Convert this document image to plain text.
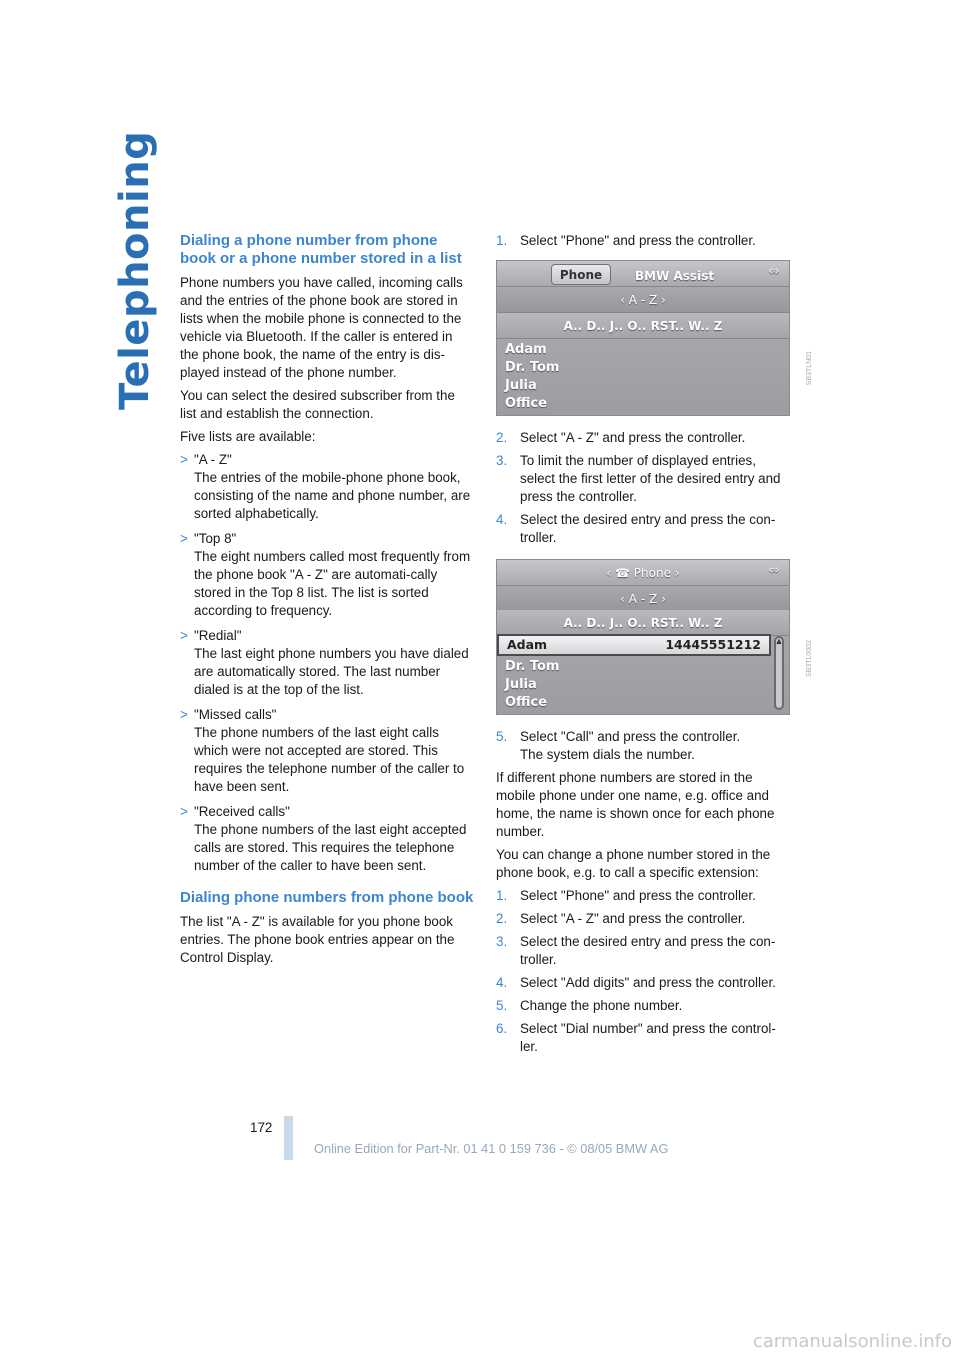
Telephoning Dialing a phone number from phone book or a phone number stored in a list

Phone numbers you have called, incoming calls and the entries of the phone book are stored in lists when the mobile phone is connected to the vehicle via Bluetooth. If the caller is entered in the phone book, the name of the entry is dis-played instead of the phone number.

You can select the desired subscriber from the list and establish the connection.

Five lists are available:

> "A - Z"
The entries of the mobile-phone phone book, consisting of the name and phone number, are sorted alphabetically.
> "Top 8"
The eight numbers called most frequently from the phone book "A - Z" are automati-cally stored in the Top 8 list. The list is sorted according to frequency.
> "Redial"
The last eight phone numbers you have dialed are automatically stored. The last number dialed is at the top of the list.
> "Missed calls"
The phone numbers of the last eight calls which were not accepted are stored. This requires the telephone number of the caller to have been sent.
> "Received calls"
The phone numbers of the last eight accepted calls are stored. This requires the telephone number of the caller to have been sent.
Dialing phone numbers from phone book

The list "A - Z" is available for you phone book entries. The phone book entries appear on the Control Display.

1. Select "Phone" and press the controller.
Phone	BMW Assist	⇔
‹ A - Z ›
A.. D.. J.. O.. RST.. W.. Z
Adam
Dr. Tom
Julia
Office
SB3TLN01
2. Select "A - Z" and press the controller.
3. To limit the number of displayed entries, select the first letter of the desired entry and press the controller.
4. Select the desired entry and press the con-troller.
‹ ☎ Phone ›	⇔
‹ A - Z ›
A.. D.. J.. O.. RST.. W.. Z
Adam	14445551212 ▲
Dr. Tom
Julia
Office
SB3TL0002
5. Select "Call" and press the controller.
The system dials the number.

If different phone numbers are stored in the mobile phone under one name, e.g. office and home, the name is shown once for each phone number.

You can change a phone number stored in the phone book, e.g. to call a specific extension:

1. Select "Phone" and press the controller.
2. Select "A - Z" and press the controller.
3. Select the desired entry and press the con-troller.
4. Select "Add digits" and press the controller.
5. Change the phone number.
6. Select "Dial number" and press the control-ler.
172
Online Edition for Part-Nr. 01 41 0 159 736 - © 08/05 BMW AG
carmanualsonline.info
